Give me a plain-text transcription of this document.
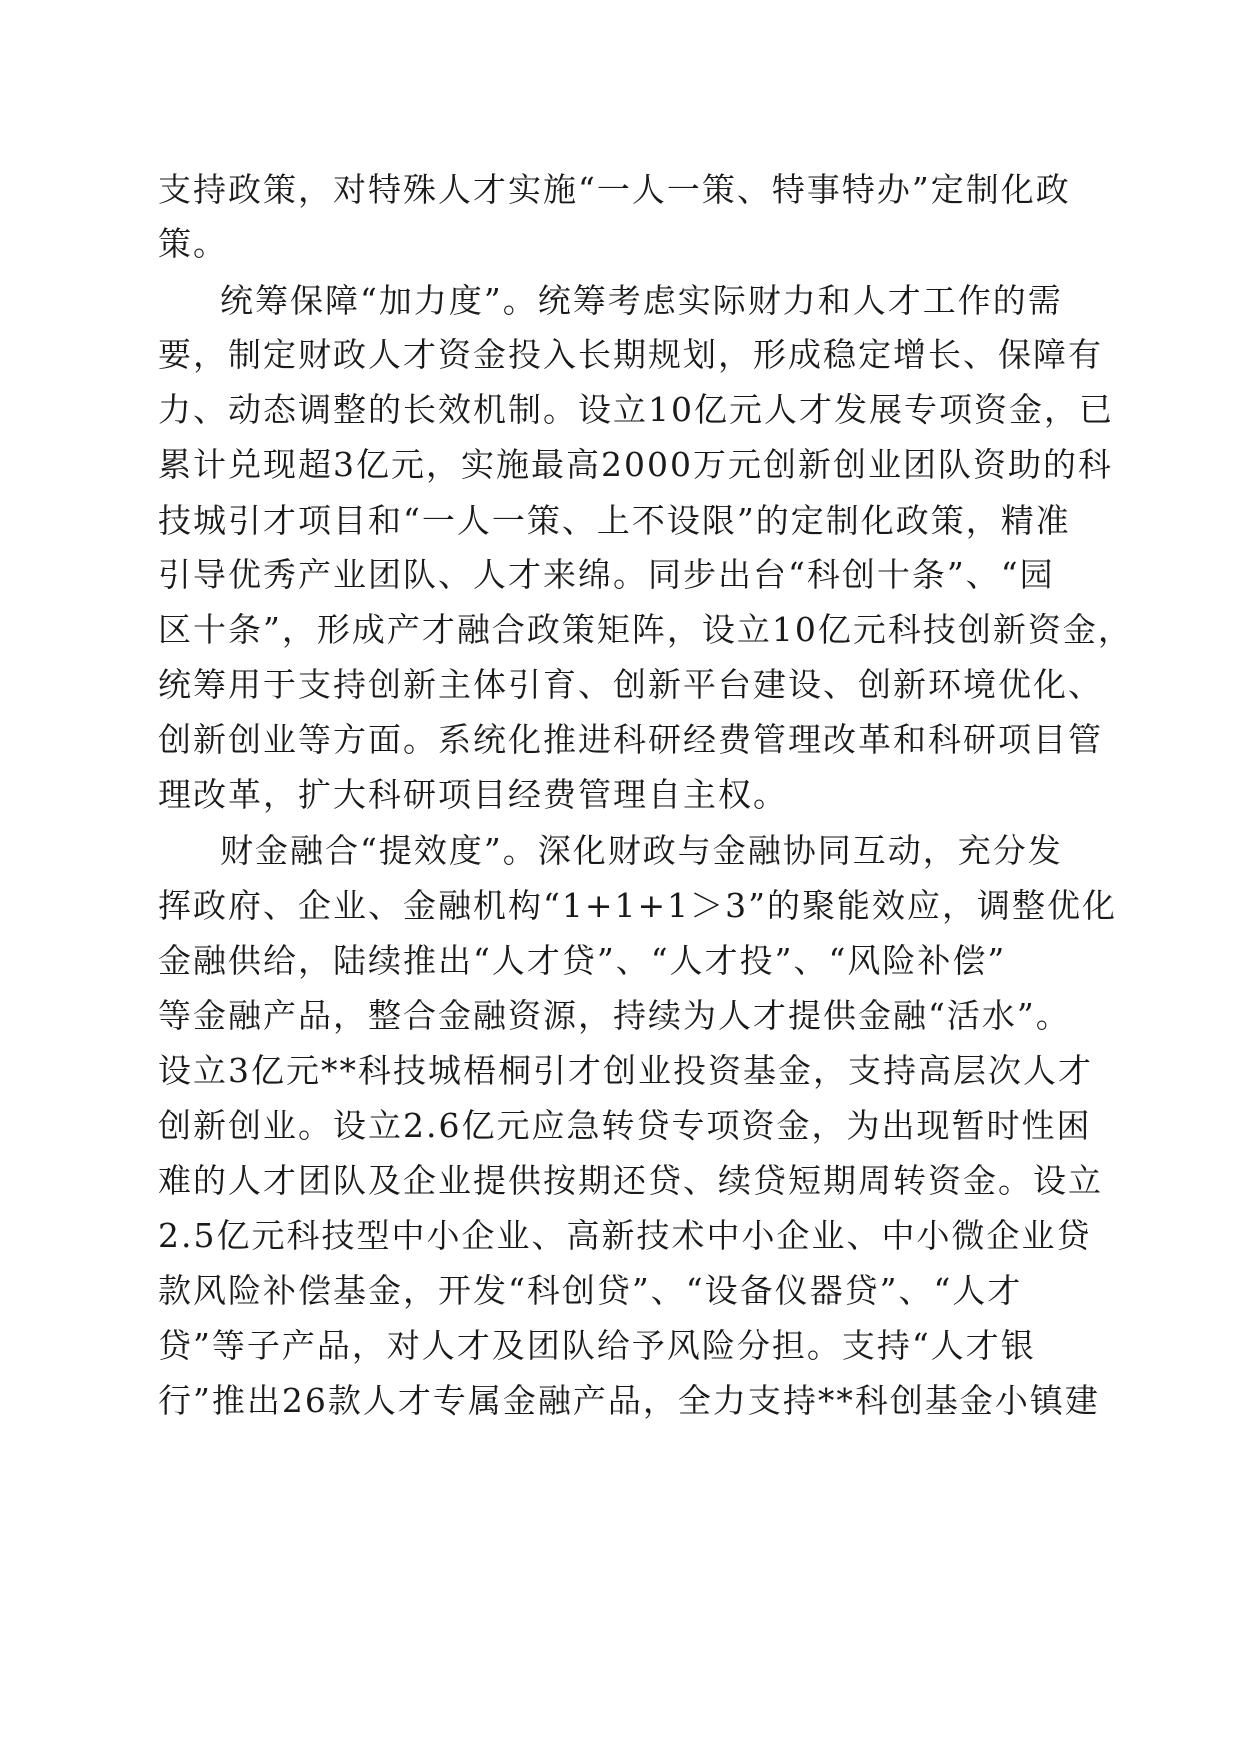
支持政策，对特殊人才实施“一人一策、特事特办”定制化政
策。
统筹保障“加力度”。统筹考虑实际财力和人才工作的需
要，制定财政人才资金投入长期规划，形成稳定增长、保障有
力、动态调整的长效机制。设立10亿元人才发展专项资金，已
累计兑现超3亿元，实施最高2000万元创新创业团队资助的科
技城引才项目和“一人一策、上不设限”的定制化政策，精准
引导优秀产业团队、人才来绵。同步出台“科创十条”、“园
区十条”，形成产才融合政策矩阵，设立10亿元科技创新资金，
统筹用于支持创新主体引育、创新平台建设、创新环境优化、
创新创业等方面。系统化推进科研经费管理改革和科研项目管
理改革，扩大科研项目经费管理自主权。
财金融合“提效度”。深化财政与金融协同互动，充分发
挥政府、企业、金融机构“1+1+1＞3”的聚能效应，调整优化
金融供给，陆续推出“人才贷”、“人才投”、“风险补偿”
等金融产品，整合金融资源，持续为人才提供金融“活水”。
设立3亿元**科技城梧桐引才创业投资基金，支持高层次人才
创新创业。设立2.6亿元应急转贷专项资金，为出现暂时性困
难的人才团队及企业提供按期还贷、续贷短期周转资金。设立
2.5亿元科技型中小企业、高新技术中小企业、中小微企业贷
款风险补偿基金，开发“科创贷”、“设备仪器贷”、“人才
贷”等子产品，对人才及团队给予风险分担。支持“人才银
行”推出26款人才专属金融产品，全力支持**科创基金小镇建
